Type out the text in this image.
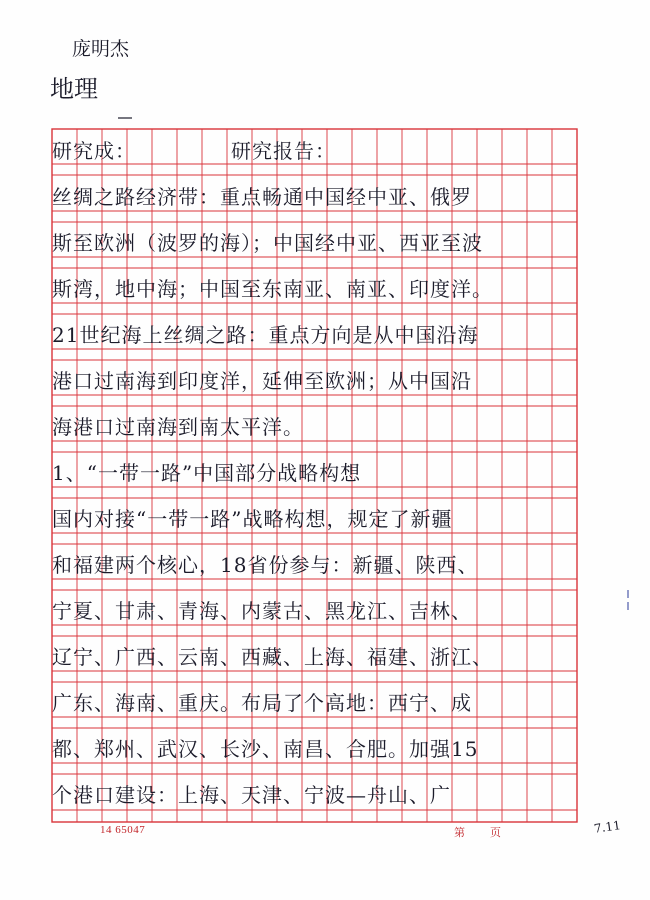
庞明杰
地理
研究成：　　　　　研究报告：
丝绸之路经济带：重点畅通中国经中亚、俄罗
斯至欧洲（波罗的海）；中国经中亚、西亚至波
斯湾，地中海；中国至东南亚、南亚、印度洋。
21世纪海上丝绸之路：重点方向是从中国沿海
港口过南海到印度洋，延伸至欧洲；从中国沿
海港口过南海到南太平洋。
1、“一带一路”中国部分战略构想
国内对接“一带一路”战略构想，规定了新疆
和福建两个核心，18省份参与：新疆、陕西、
宁夏、甘肃、青海、内蒙古、黑龙江、吉林、
辽宁、广西、云南、西藏、上海、福建、浙江、
广东、海南、重庆。布局了个高地：西宁、成
都、郑州、武汉、长沙、南昌、合肥。加强15
个港口建设：上海、天津、宁波—舟山、广
14 65047	第 页	7.11
